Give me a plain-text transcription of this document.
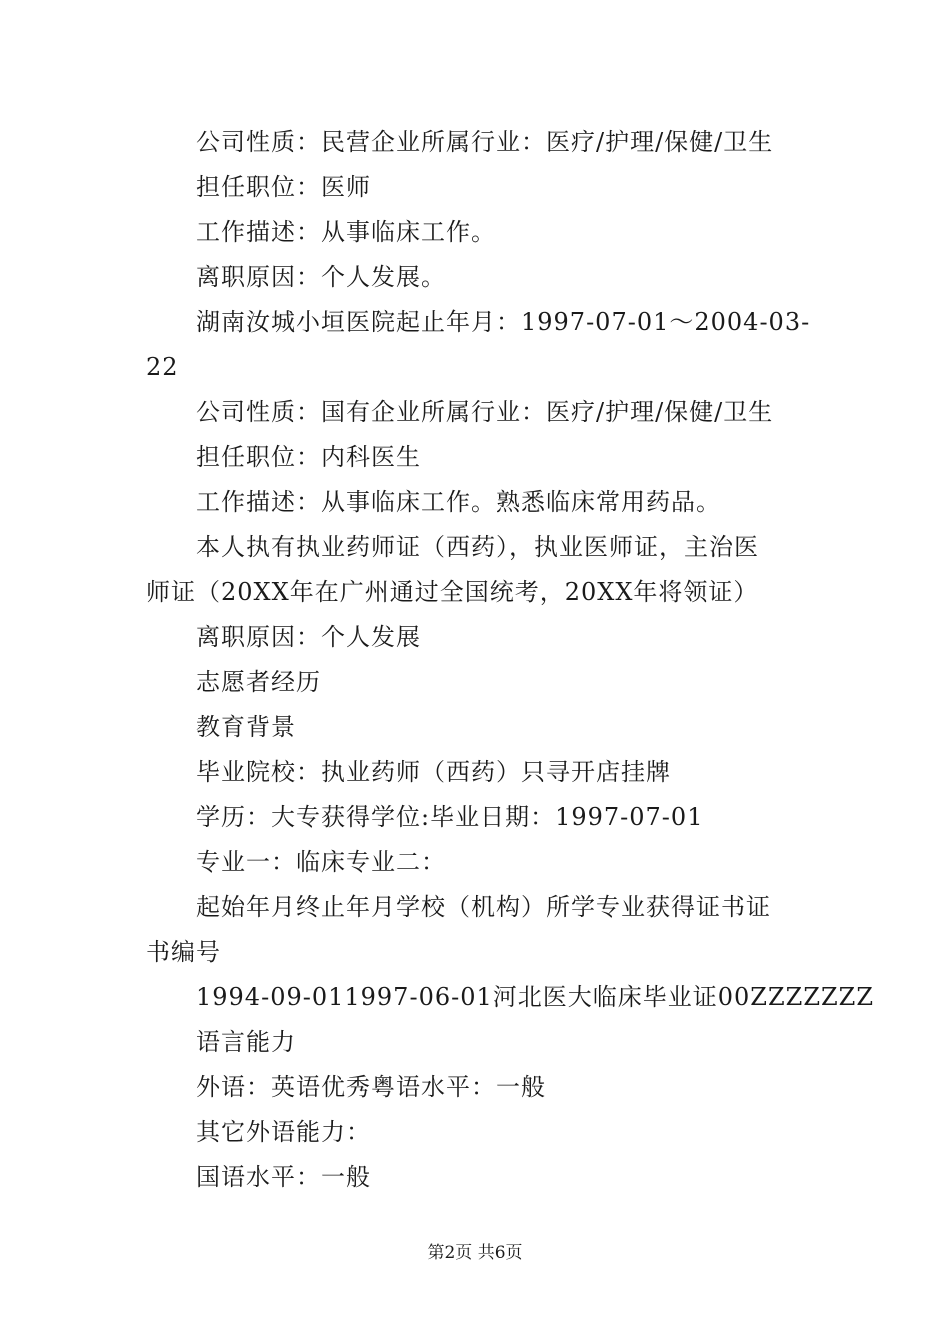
公司性质：民营企业所属行业：医疗/护理/保健/卫生
担任职位：医师
工作描述：从事临床工作。
离职原因：个人发展。
湖南汝城小垣医院起止年月：1997-07-01～2004-03-
22
公司性质：国有企业所属行业：医疗/护理/保健/卫生
担任职位：内科医生
工作描述：从事临床工作。熟悉临床常用药品。
本人执有执业药师证（西药），执业医师证，主治医
师证（20XX年在广州通过全国统考，20XX年将领证）
离职原因：个人发展
志愿者经历
教育背景
毕业院校：执业药师（西药）只寻开店挂牌
学历：大专获得学位:毕业日期：1997-07-01
专业一：临床专业二：
起始年月终止年月学校（机构）所学专业获得证书证
书编号
1994-09-011997-06-01河北医大临床毕业证00ZZZZZZZ
语言能力
外语：英语优秀粤语水平：一般
其它外语能力：
国语水平：一般
第2页 共6页
